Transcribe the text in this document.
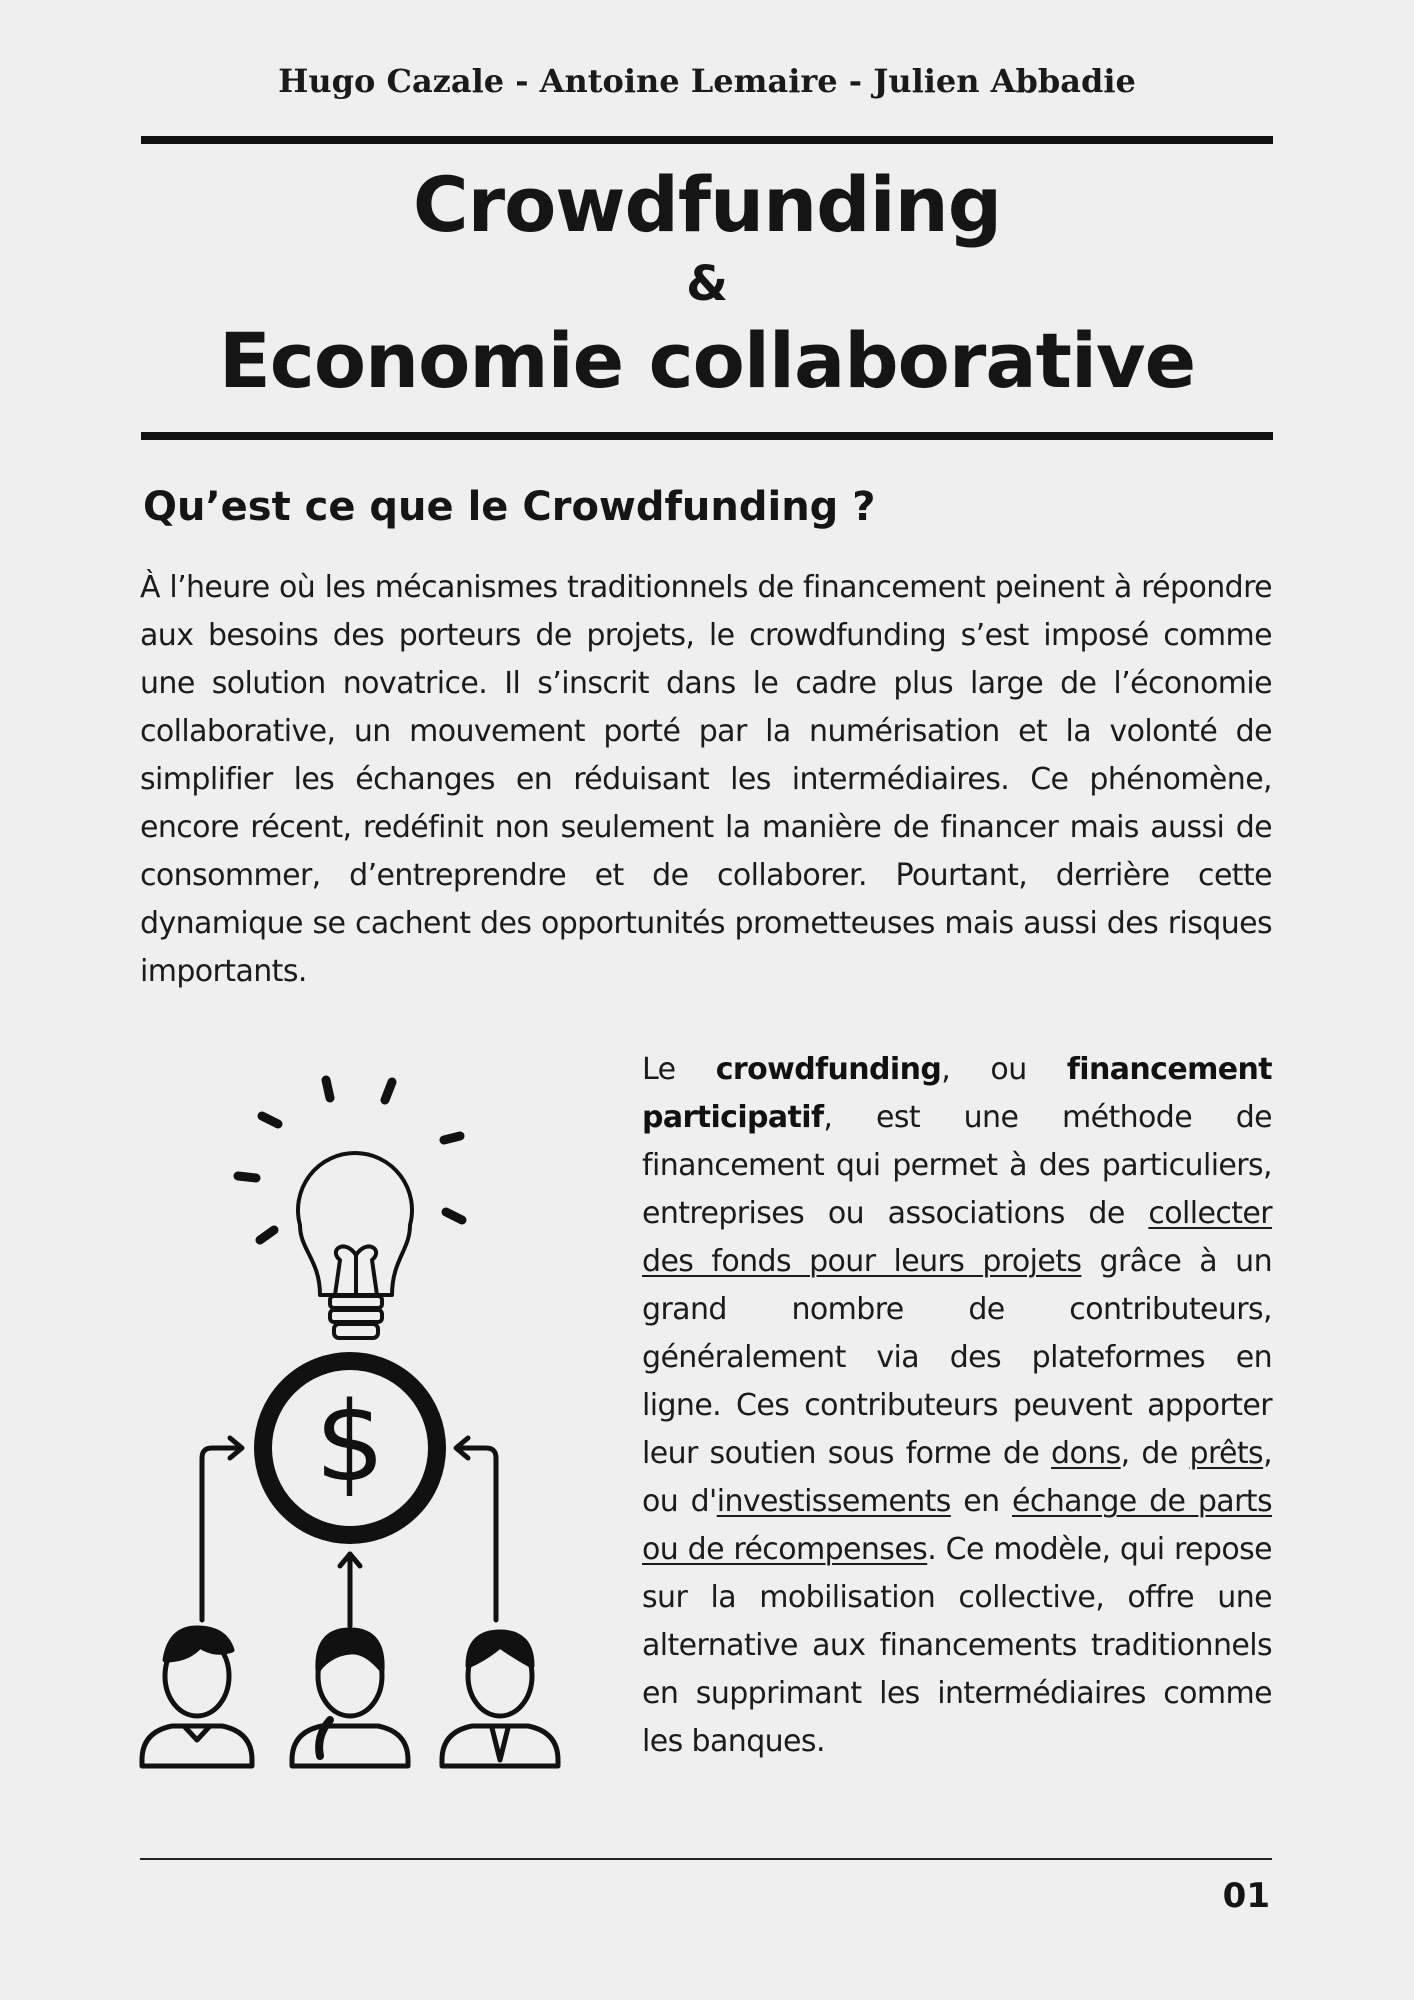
Hugo Cazale - Antoine Lemaire - Julien Abbadie
Crowdfunding
&
Economie collaborative
Qu’est ce que le Crowdfunding ?

À l’heure où les mécanismes traditionnels de financement peinent à répondre aux besoins des porteurs de projets, le crowdfunding s’est imposé comme une solution novatrice. Il s’inscrit dans le cadre plus large de l’économie collaborative, un mouvement porté par la numérisation et la volonté de simplifier les échanges en réduisant les intermédiaires. Ce phénomène, encore récent, redéfinit non seulement la manière de financer mais aussi de consommer, d’entreprendre et de collaborer. Pourtant, derrière cette dynamique se cachent des opportunités prometteuses mais aussi des risques importants.

$

Le crowdfunding, ou financement participatif, est une méthode de financement qui permet à des particuliers, entreprises ou associations de collecter des fonds pour leurs projets grâce à un grand nombre de contributeurs, généralement via des plateformes en ligne. Ces contributeurs peuvent apporter leur soutien sous forme de dons, de prêts, ou d'investissements en échange de parts ou de récompenses. Ce modèle, qui repose sur la mobilisation collective, offre une alternative aux financements traditionnels en supprimant les intermédiaires comme les banques.

01
